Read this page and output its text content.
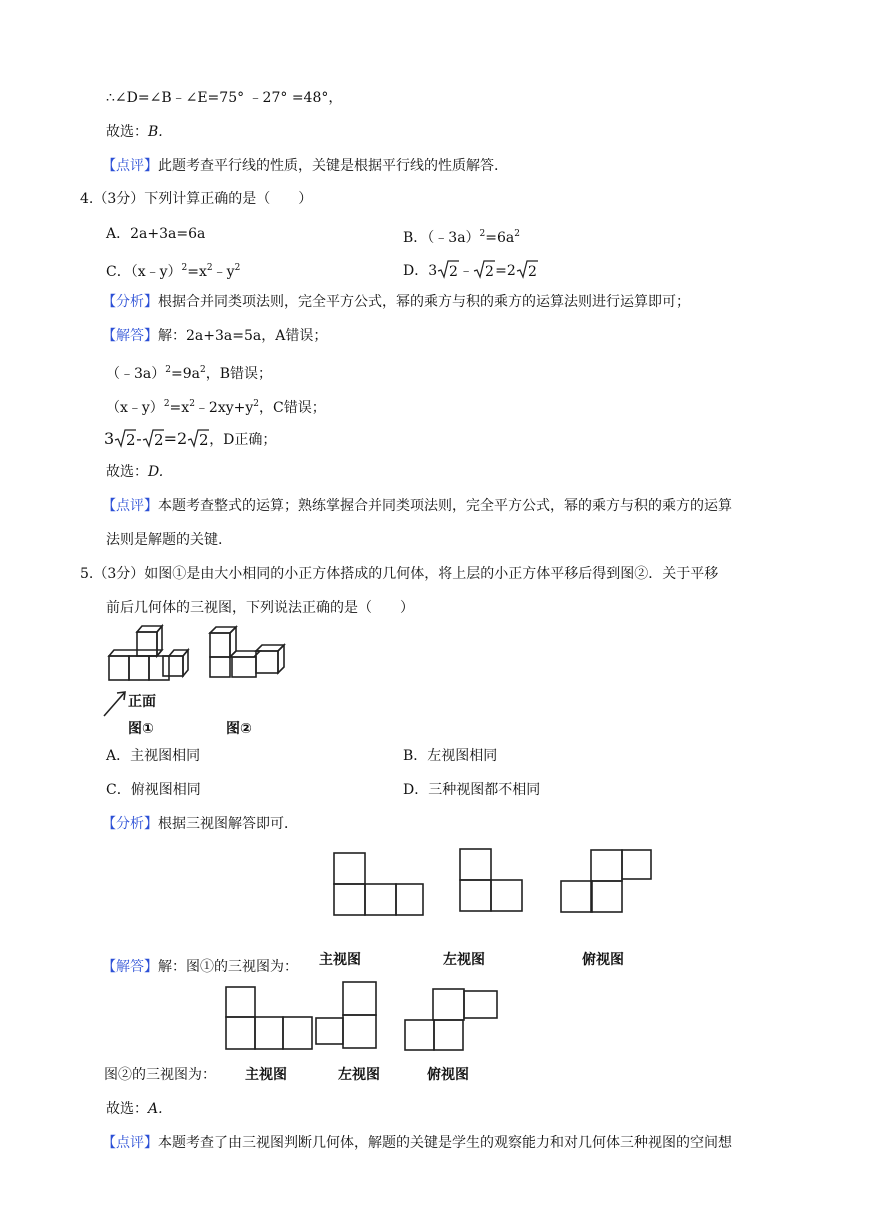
∴∠D=∠B﹣∠E=75° ﹣27° =48°，
故选：B.
【点评】此题考查平行线的性质，关键是根据平行线的性质解答.
4.（3分）下列计算正确的是（　　）
A．2a+3a=6a	B．$(﹣3a)^2=6a^2$
C．$(x﹣y)^2=x^2﹣y^2$	D．3 2 ﹣ 2 =2 2
【分析】根据合并同类项法则，完全平方公式，幂的乘方与积的乘方的运算法则进行运算即可；
【解答】解：2a+3a=5a，A错误；
$(﹣3a)^2=9a^2$，B错误；
$(x﹣y)^2=x^2﹣2xy+y^2$，C错误；
3 2 - 2 =2 2 ，D正确；
故选：D.
【点评】本题考查整式的运算；熟练掌握合并同类项法则，完全平方公式，幂的乘方与积的乘方的运算
法则是解题的关键.
5.（3分）如图①是由大小相同的小正方体搭成的几何体，将上层的小正方体平移后得到图②．关于平移
前后几何体的三视图，下列说法正确的是（　　）
正面
图①	图②
A．主视图相同	B．左视图相同
C．俯视图相同	D．三种视图都不相同
【分析】根据三视图解答即可．
主视图	左视图	俯视图
【解答】解：图①的三视图为：
主视图	左视图	俯视图
图②的三视图为：
故选：A.
【点评】本题考查了由三视图判断几何体，解题的关键是学生的观察能力和对几何体三种视图的空间想
